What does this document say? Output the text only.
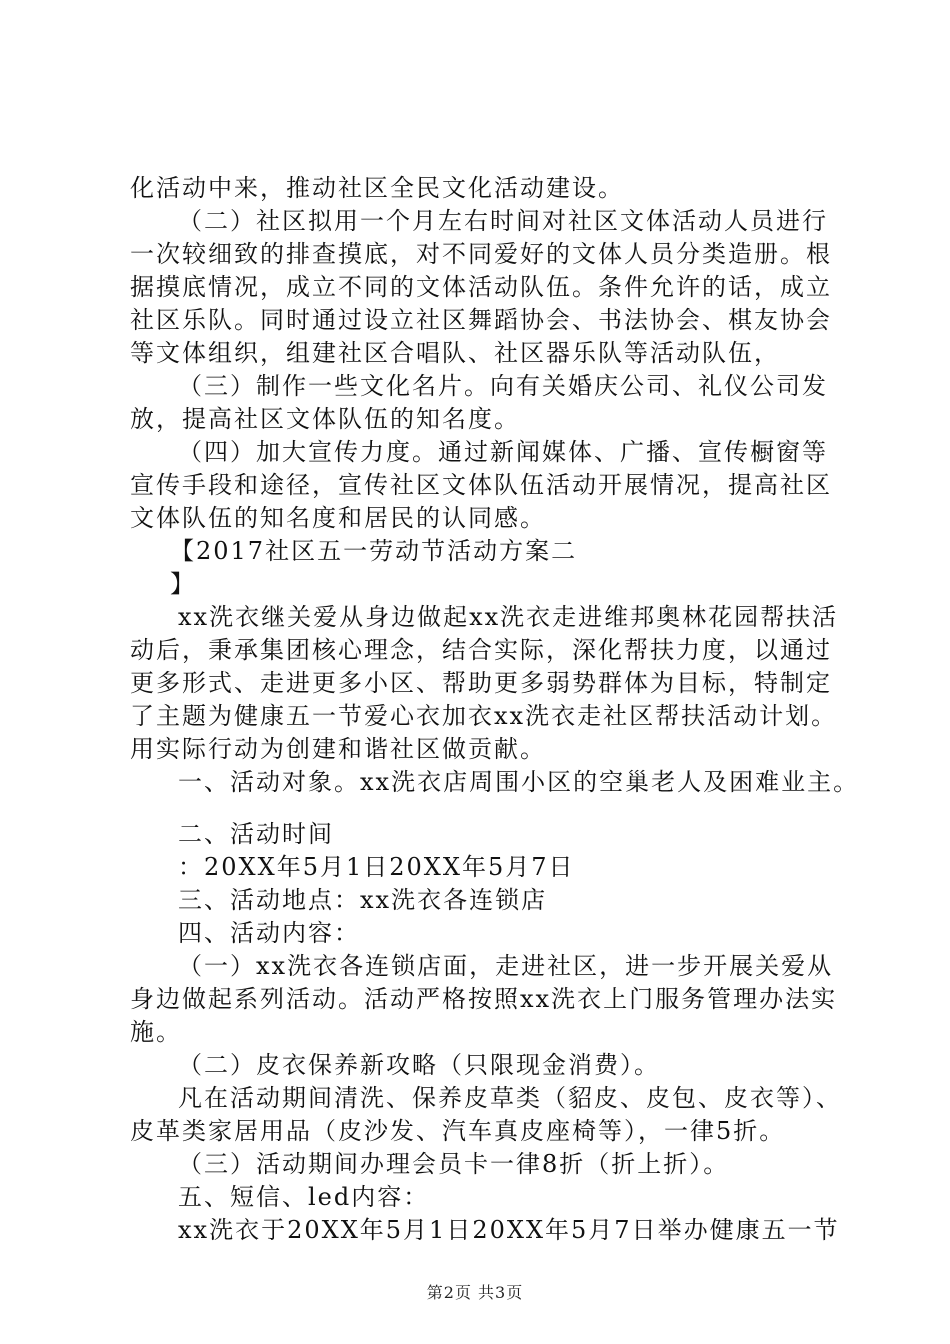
化活动中来，推动社区全民文化活动建设。
（二）社区拟用一个月左右时间对社区文体活动人员进行
一次较细致的排查摸底，对不同爱好的文体人员分类造册。根
据摸底情况，成立不同的文体活动队伍。条件允许的话，成立
社区乐队。同时通过设立社区舞蹈协会、书法协会、棋友协会
等文体组织，组建社区合唱队、社区器乐队等活动队伍，
（三）制作一些文化名片。向有关婚庆公司、礼仪公司发
放，提高社区文体队伍的知名度。
（四）加大宣传力度。通过新闻媒体、广播、宣传橱窗等
宣传手段和途径，宣传社区文体队伍活动开展情况，提高社区
文体队伍的知名度和居民的认同感。
【2017社区五一劳动节活动方案二
】
xx洗衣继关爱从身边做起xx洗衣走进维邦奥林花园帮扶活
动后，秉承集团核心理念，结合实际，深化帮扶力度，以通过
更多形式、走进更多小区、帮助更多弱势群体为目标，特制定
了主题为健康五一节爱心衣加衣xx洗衣走社区帮扶活动计划。
用实际行动为创建和谐社区做贡献。
一、活动对象。xx洗衣店周围小区的空巢老人及困难业主。
二、活动时间
：20XX年5月1日20XX年5月7日
三、活动地点：xx洗衣各连锁店
四、活动内容：
（一）xx洗衣各连锁店面，走进社区，进一步开展关爱从
身边做起系列活动。活动严格按照xx洗衣上门服务管理办法实
施。
（二）皮衣保养新攻略（只限现金消费）。
凡在活动期间清洗、保养皮草类（貂皮、皮包、皮衣等）、
皮革类家居用品（皮沙发、汽车真皮座椅等），一律5折。
（三）活动期间办理会员卡一律8折（折上折）。
五、短信、led内容：
xx洗衣于20XX年5月1日20XX年5月7日举办健康五一节
第2页 共3页
